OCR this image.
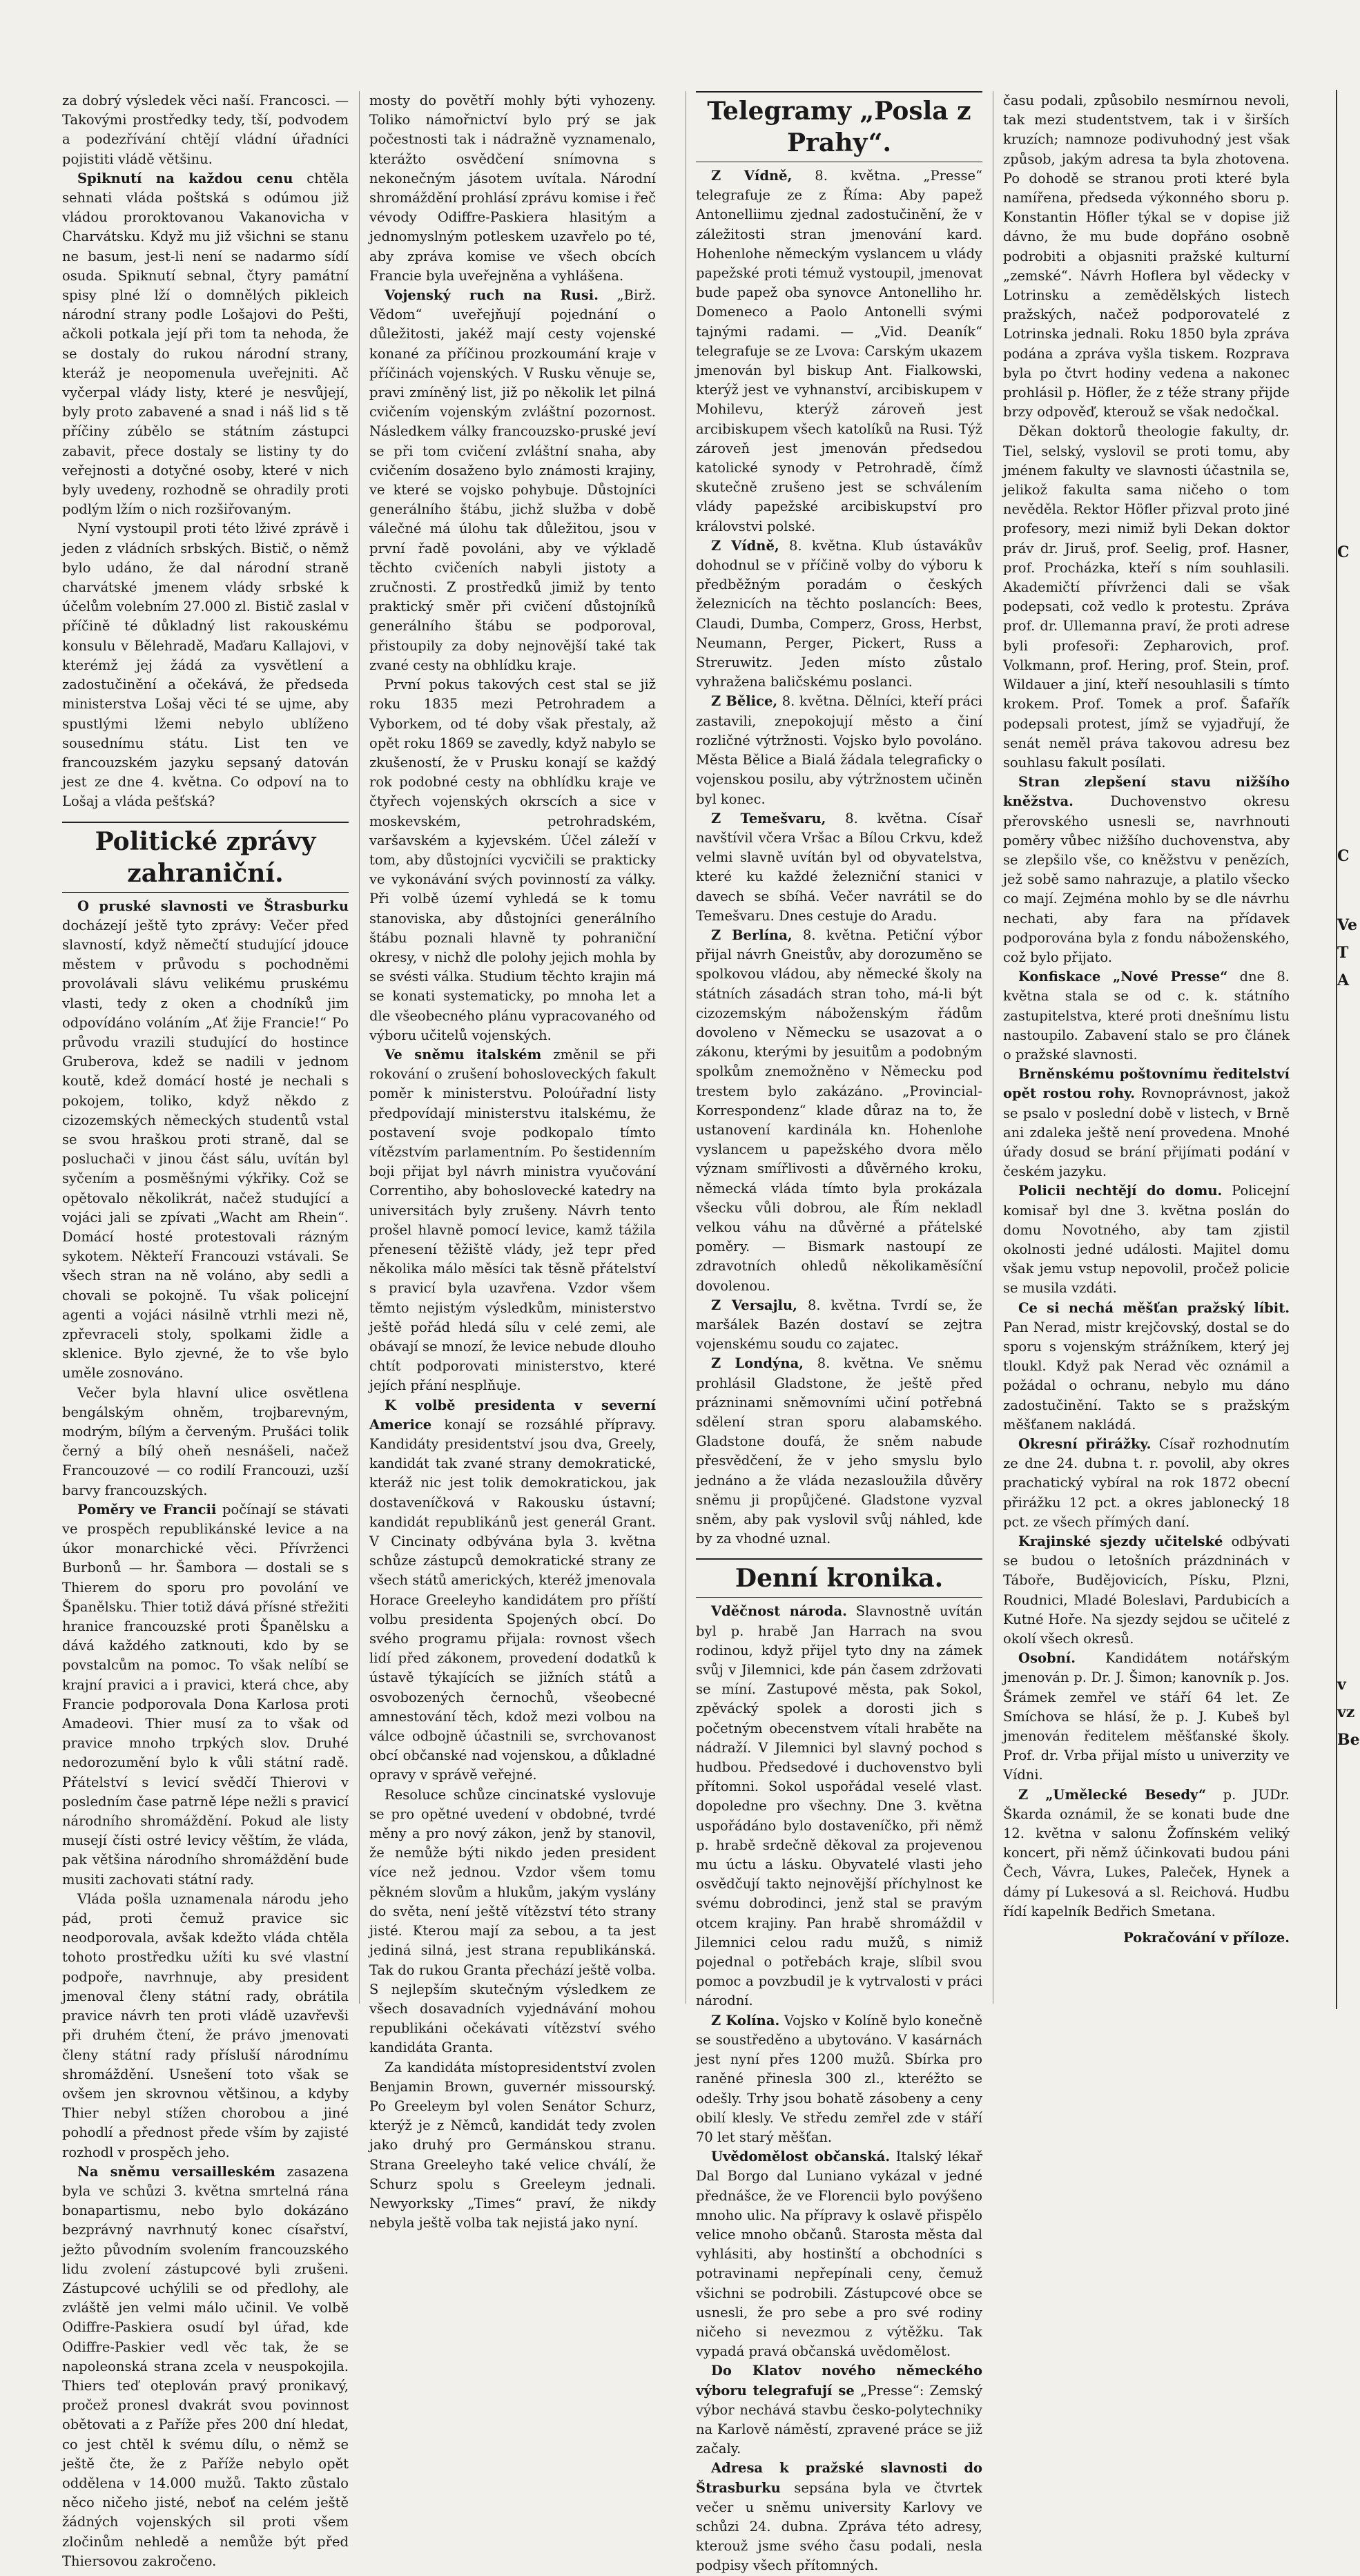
za dobrý výsledek věci naší. Francosci. — Takovými prostředky tedy, tší, podvodem a podezřívání chtějí vládní úřadníci pojistiti vládě většinu.

Spiknutí na každou cenu chtěla sehnati vláda poštská s odúmou již vládou proroktovanou Vakanovicha v Charvátsku. Když mu již všichni se stanu ne basum, jest-li není se nadarmo sídí osuda. Spiknutí sebnal, čtyry památní spisy plné lží o domnělých pikleich národní strany podle Lošajovi do Pešti, ačkoli potkala její při tom ta nehoda, že se dostaly do rukou národní strany, kteráž je neopomenula uveřejniti. Ač vyčerpal vlády listy, které je nesvůjejí, byly proto zabavené a snad i náš lid s tě příčiny zúbělo se státním zástupci zabavit, přece dostaly se listiny ty do veřejnosti a dotyčné osoby, které v nich byly uvedeny, rozhodně se ohradily proti podlým lžím o nich rozšiřovaným.

Nyní vystoupil proti této lživé zprávě i jeden z vládních srbských. Bistič, o němž bylo udáno, že dal národní straně charvátské jmenem vlády srbské k účelům volebním 27.000 zl. Bistič zaslal v příčině té důkladný list rakouskému konsulu v Bělehradě, Maďaru Kallajovi, v kterémž jej žádá za vysvětlení a zadostučinění a očekává, že předseda ministerstva Lošaj věci té se ujme, aby spustlými lžemi nebylo ublíženo sousednímu státu. List ten ve francouzském jazyku sepsaný datován jest ze dne 4. května. Co odpoví na to Lošaj a vláda pešťská?

Politické zprávy zahraniční.

O pruské slavnosti ve Štrasburku docházejí ještě tyto zprávy: Večer před slavností, když němečtí studující jdouce městem v průvodu s pochodněmi provolávali slávu velikému pruskému vlasti, tedy z oken a chodníků jim odpovídáno voláním „Ať žije Francie!“ Po průvodu vrazili studující do hostince Gruberova, kdež se nadili v jednom koutě, kdež domácí hosté je nechali s pokojem, toliko, když někdo z cizozemských německých studentů vstal se svou hraškou proti straně, dal se posluchači v jinou část sálu, uvítán byl syčením a posměšnými výkřiky. Což se opětovalo několikrát, načež studující a vojáci jali se zpívati „Wacht am Rhein“. Domácí hosté protestovali rázným sykotem. Někteří Francouzi vstávali. Se všech stran na ně voláno, aby sedli a chovali se pokojně. Tu však policejní agenti a vojáci násilně vtrhli mezi ně, zpřevraceli stoly, spolkami židle a sklenice. Bylo zjevné, že to vše bylo uměle zosnováno.

Večer byla hlavní ulice osvětlena bengálským ohněm, trojbarevným, modrým, bílým a červeným. Prušáci tolik černý a bílý oheň nesnášeli, načež Francouzové — co rodilí Francouzi, uzší barvy francouzských.

Poměry ve Francii počínají se stávati ve prospěch republikánské levice a na úkor monarchické věci. Přívrženci Burbonů — hr. Šambora — dostali se s Thierem do sporu pro povolání ve Španělsku. Thier totiž dává přísné střežiti hranice francouzské proti Španělsku a dává každého zatknouti, kdo by se povstalcům na pomoc. To však nelíbí se krajní pravici a i pravici, která chce, aby Francie podporovala Dona Karlosa proti Amadeovi. Thier musí za to však od pravice mnoho trpkých slov. Druhé nedorozumění bylo k vůli státní radě. Přátelství s levicí svědčí Thierovi v posledním čase patrně lépe nežli s pravicí národního shromáždění. Pokud ale listy musejí čísti ostré levicy věštím, že vláda, pak většina národního shromáždění bude musiti zachovati státní rady.

Vláda pošla uznamenala národu jeho pád, proti čemuž pravice sic neodporovala, avšak kdežto vláda chtěla tohoto prostředku užíti ku své vlastní podpoře, navrhnuje, aby president jmenoval členy státní rady, obrátila pravice návrh ten proti vládě uzavřevši při druhém čtení, že právo jmenovati členy státní rady přísluší národnímu shromáždění. Usnešení toto však se ovšem jen skrovnou většinou, a kdyby Thier nebyl stížen chorobou a jiné pohodlí a přednost přede vším by zajisté rozhodl v prospěch jeho.

Na sněmu versailleském zasazena byla ve schůzi 3. května smrtelná rána bonapartismu, nebo bylo dokázáno bezprávný navrhnutý konec císařství, ježto původním svolením francouzského lidu zvolení zástupcové byli zrušeni. Zástupcové uchýlili se od předlohy, ale zvláště jen velmi málo učinil. Ve volbě Odiffre-Paskiera osudí byl úřad, kde Odiffre-Paskier vedl věc tak, že se napoleonská strana zcela v neuspokojila. Thiers teď oteplován pravý pronikavý, pročež pronesl dvakrát svou povinnost obětovati a z Paříže přes 200 dní hledat, co jest chtěl k svému dílu, o němž se ještě čte, že z Paříže nebylo opět oddělena v 14.000 mužů. Takto zůstalo něco ničeho jisté, neboť na celém ještě žádných vojenských sil proti všem zločinům nehledě a nemůže být před Thiersovou zakročeno.

mosty do povětří mohly býti vyhozeny. Toliko námořnictví bylo prý se jak počestnosti tak i nádražně vyznamenalo, kterážto osvědčení snímovna s nekonečným jásotem uvítala. Národní shromáždění prohlásí zprávu komise i řeč vévody Odiffre-Paskiera hlasitým a jednomyslným potleskem uzavřelo po té, aby zpráva komise ve všech obcích Francie byla uveřejněna a vyhlášena.

Vojenský ruch na Rusi. „Birž. Vědom“ uveřejňují pojednání o důležitosti, jakéž mají cesty vojenské konané za příčinou prozkoumání kraje v příčinách vojenských. V Rusku věnuje se, pravi zmíněný list, již po několik let pilná cvičením vojenským zvláštní pozornost. Následkem války francouzsko-pruské jeví se při tom cvičení zvláštní snaha, aby cvičením dosaženo bylo známosti krajiny, ve které se vojsko pohybuje. Důstojníci generálního štábu, jichž služba v době válečné má úlohu tak důležitou, jsou v první řadě povoláni, aby ve výkladě těchto cvičeních nabyli jistoty a zručnosti. Z prostředků jimiž by tento praktický směr při cvičení důstojníků generálního štábu se podporoval, přistoupily za doby nejnovější také tak zvané cesty na obhlídku kraje.

První pokus takových cest stal se již roku 1835 mezi Petrohradem a Vyborkem, od té doby však přestaly, až opět roku 1869 se zavedly, když nabylo se zkušeností, že v Prusku konají se každý rok podobné cesty na obhlídku kraje ve čtyřech vojenských okrscích a sice v moskevském, petrohradském, varšavském a kyjevském. Účel záleží v tom, aby důstojníci vycvičili se prakticky ve vykonávání svých povinností za války. Při volbě území vyhledá se k tomu stanoviska, aby důstojníci generálního štábu poznali hlavně ty pohraniční okresy, v nichž dle polohy jejich mohla by se svésti válka. Studium těchto krajin má se konati systematicky, po mnoha let a dle všeobecného plánu vypracovaného od výboru učitelů vojenských.

Ve sněmu italském změnil se při rokování o zrušení bohosloveckých fakult poměr k ministerstvu. Poloúřadní listy předpovídají ministerstvu italskému, že postavení svoje podkopalo tímto vítězstvím parlamentním. Po šestidenním boji přijat byl návrh ministra vyučování Correntiho, aby bohoslovecké katedry na universitách byly zrušeny. Návrh tento prošel hlavně pomocí levice, kamž tážila přenesení těžiště vlády, jež tepr před několika málo měsíci tak těsně přátelství s pravicí byla uzavřena. Vzdor všem těmto nejistým výsledkům, ministerstvo ještě pořád hledá sílu v celé zemi, ale obávají se mnozí, že levice nebude dlouho chtít podporovati ministerstvo, které jejích přání nesplňuje.

K volbě presidenta v severní Americe konají se rozsáhlé přípravy. Kandidáty presidentství jsou dva, Greely, kandidát tak zvané strany demokratické, kteráž nic jest tolik demokratickou, jak dostaveníčková v Rakousku ústavní; kandidát republikánů jest generál Grant. V Cincinaty odbývána byla 3. května schůze zástupců demokratické strany ze všech států amerických, kteréž jmenovala Horace Greeleyho kandidátem pro příští volbu presidenta Spojených obcí. Do svého programu přijala: rovnost všech lidí před zákonem, provedení dodatků k ústavě týkajících se jižních států a osvobozených černochů, všeobecné amnestování těch, kdož mezi volbou na válce odbojně účastnili se, svrchovanost obcí občanské nad vojenskou, a důkladné opravy v správě veřejné.

Resoluce schůze cincinatské vyslovuje se pro opětné uvedení v obdobné, tvrdé měny a pro nový zákon, jenž by stanovil, že nemůže býti nikdo jeden president více než jednou. Vzdor všem tomu pěkném slovům a hlukům, jakým vyslány do světa, není ještě vítězství této strany jisté. Kterou mají za sebou, a ta jest jediná silná, jest strana republikánská. Tak do rukou Granta přechází ještě volba. S nejlepším skutečným výsledkem ze všech dosavadních vyjednávání mohou republikáni očekávati vítězství svého kandidáta Granta.

Za kandidáta místopresidentství zvolen Benjamin Brown, guvernér missourský. Po Greeleym byl volen Senátor Schurz, kterýž je z Němců, kandidát tedy zvolen jako druhý pro Germánskou stranu. Strana Greeleyho také velice chválí, že Schurz spolu s Greeleym jednali. Newyorksky „Times“ praví, že nikdy nebyla ještě volba tak nejistá jako nyní.

Telegramy „Posla z Prahy“.

Z Vídně, 8. května. „Presse“ telegrafuje ze z Říma: Aby papež Antonelliimu zjednal zadostučinění, že v záležitosti stran jmenování kard. Hohenlohe německým vyslancem u vlády papežské proti témuž vystoupil, jmenovat bude papež oba synovce Antonelliho hr. Domeneco a Paolo Antonelli svými tajnými radami. — „Vid. Deaník“ telegrafuje se ze Lvova: Carským ukazem jmenován byl biskup Ant. Fialkowski, kterýž jest ve vyhnanství, arcibiskupem v Mohilevu, kterýž zároveň jest arcibiskupem všech katolíků na Rusi. Týž zároveň jest jmenován předsedou katolické synody v Petrohradě, čímž skutečně zrušeno jest se schválením vlády papežské arcibiskupství pro královstvi polské.

Z Vídně, 8. května. Klub ústavákův dohodnul se v příčině volby do výboru k předběžným poradám o českých železnicích na těchto poslancích: Bees, Claudi, Dumba, Comperz, Gross, Herbst, Neumann, Perger, Pickert, Russ a Streruwitz. Jeden místo zůstalo vyhražena baličskému poslanci.

Z Bělice, 8. května. Dělníci, kteří práci zastavili, znepokojují město a činí rozličné výtržnosti. Vojsko bylo povoláno. Města Bělice a Bialá žádala telegraficky o vojenskou posilu, aby výtržnostem učiněn byl konec.

Z Temešvaru, 8. května. Císař navštívil včera Vršac a Bílou Crkvu, kdež velmi slavně uvítán byl od obyvatelstva, které ku každé železniční stanici v davech se sbíhá. Večer navrátil se do Temešvaru. Dnes cestuje do Aradu.

Z Berlína, 8. května. Petiční výbor přijal návrh Gneistův, aby dorozuměno se spolkovou vládou, aby německé školy na státních zásadách stran toho, má-li být cizozemským náboženským řádům dovoleno v Německu se usazovat a o zákonu, kterými by jesuitům a podobným spolkům znemožněno v Německu pod trestem bylo zakázáno. „Provincial-Korrespondenz“ klade důraz na to, že ustanovení kardinála kn. Hohenlohe vyslancem u papežského dvora mělo význam smířlivosti a důvěrného kroku, německá vláda tímto byla prokázala všecku vůli dobrou, ale Řím nekladl velkou váhu na důvěrné a přátelské poměry. — Bismark nastoupí ze zdravotních ohledů několikaměsíční dovolenou.

Z Versajlu, 8. května. Tvrdí se, že maršálek Bazén dostaví se zejtra vojenskému soudu co zajatec.

Z Londýna, 8. května. Ve sněmu prohlásil Gladstone, že ještě před prázninami sněmovními učiní potřebná sdělení stran sporu alabamského. Gladstone doufá, že sněm nabude přesvědčení, že v jeho smyslu bylo jednáno a že vláda nezasloužila důvěry sněmu ji propůjčené. Gladstone vyzval sněm, aby pak vyslovil svůj náhled, kde by za vhodné uznal.

Denní kronika.

Vděčnost národa. Slavnostně uvítán byl p. hrabě Jan Harrach na svou rodinou, když přijel tyto dny na zámek svůj v Jilemnici, kde pán časem zdržovati se míní. Zastupové města, pak Sokol, zpěvácký spolek a dorosti jich s početným obecenstvem vítali hraběte na nádraží. V Jilemnici byl slavný pochod s hudbou. Předsedové i duchovenstvo byli přítomni. Sokol uspořádal veselé vlast. dopoledne pro všechny. Dne 3. května uspořádáno bylo dostaveníčko, při němž p. hrabě srdečně děkoval za projevenou mu úctu a lásku. Obyvatelé vlasti jeho osvědčují takto nejnovější příchylnost ke svému dobrodinci, jenž stal se pravým otcem krajiny. Pan hrabě shromáždil v Jilemnici celou radu mužů, s nimiž pojednal o potřebách kraje, slíbil svou pomoc a povzbudil je k vytrvalosti v práci národní.

Z Kolína. Vojsko v Kolíně bylo konečně se soustředěno a ubytováno. V kasárnách jest nyní přes 1200 mužů. Sbírka pro raněné přinesla 300 zl., kteréžto se odešly. Trhy jsou bohatě zásobeny a ceny obilí klesly. Ve středu zemřel zde v stáří 70 let starý měšťan.

Uvědomělost občanská. Italský lékař Dal Borgo dal Luniano vykázal v jedné přednášce, že ve Florencii bylo povýšeno mnoho ulic. Na přípravy k oslavě přispělo velice mnoho občanů. Starosta města dal vyhlásiti, aby hostinští a obchodníci s potravinami nepřepínali ceny, čemuž všichni se podrobili. Zástupcové obce se usnesli, že pro sebe a pro své rodiny ničeho si nevezmou z výtěžku. Tak vypadá pravá občanská uvědomělost.

Do Klatov nového německého výboru telegrafují se „Presse“: Zemský výbor nechává stavbu česko-polytechniky na Karlově náměstí, zpravené práce se již začaly.

Adresa k pražské slavnosti do Štrasburku sepsána byla ve čtvrtek večer u sněmu university Karlovy ve schůzi 24. dubna. Zpráva této adresy, kterouž jsme svého času podali, nesla podpisy všech přítomných.

času podali, způsobilo nesmírnou nevoli, tak mezi studentstvem, tak i v širších kruzích; namnoze podivuhodný jest však způsob, jakým adresa ta byla zhotovena. Po dohodě se stranou proti které byla namířena, předseda výkonného sboru p. Konstantin Höfler týkal se v dopise již dávno, že mu bude dopřáno osobně podrobiti a objasniti pražské kulturní „zemské“. Návrh Hoflera byl vědecky v Lotrinsku a zemědělských listech pražských, načež podporovatelé z Lotrinska jednali. Roku 1850 byla zpráva podána a zpráva vyšla tiskem. Rozprava byla po čtvrt hodiny vedena a nakonec prohlásil p. Höfler, že z téže strany přijde brzy odpověď, kterouž se však nedočkal.

Děkan doktorů theologie fakulty, dr. Tiel, selský, vyslovil se proti tomu, aby jménem fakulty ve slavnosti účastnila se, jelikož fakulta sama ničeho o tom nevěděla. Rektor Höfler přizval proto jiné profesory, mezi nimiž byli Dekan doktor práv dr. Jiruš, prof. Seelig, prof. Hasner, prof. Procházka, kteří s ním souhlasili. Akademičtí přívrženci dali se však podepsati, což vedlo k protestu. Zpráva prof. dr. Ullemanna praví, že proti adrese byli profesoři: Zepharovich, prof. Volkmann, prof. Hering, prof. Stein, prof. Wildauer a jiní, kteří nesouhlasili s tímto krokem. Prof. Tomek a prof. Šafařík podepsali protest, jímž se vyjadřují, že senát neměl práva takovou adresu bez souhlasu fakult posílati.

Stran zlepšení stavu nižšího kněžstva.	Duchovenstvo okresu přerovského usnesli se, navrhnouti poměry vůbec nižšího duchovenstva, aby se zlepšilo vše, co kněžstvu v penězích, jež sobě samo nahrazuje, a platilo všecko co mají. Zejména mohlo by se dle návrhu nechati, aby fara na přídavek podporována byla z fondu náboženského, což bylo přijato.

Konfiskace „Nové Presse“ dne 8. května stala se od c. k. státního zastupitelstva, které proti dnešnímu listu nastoupilo. Zabavení stalo se pro článek o pražské slavnosti.

Brněnskému poštovnímu ředitelství opět rostou rohy. Rovnoprávnost, jakož se psalo v poslední době v listech, v Brně ani zdaleka ještě není provedena. Mnohé úřady dosud se brání přijímati podání v českém jazyku.

Policii nechtějí do domu. Policejní komisař byl dne 3. května poslán do domu Novotného, aby tam zjistil okolnosti jedné události. Majitel domu však jemu vstup nepovolil, pročež policie se musila vzdáti.

Ce si nechá měšťan pražský líbit. Pan Nerad, mistr krejčovský, dostal se do sporu s vojenským strážníkem, který jej tloukl. Když pak Nerad věc oznámil a požádal o ochranu, nebylo mu dáno zadostučinění. Takto se s pražským měšťanem nakládá.

Okresní přirážky. Císař rozhodnutím ze dne 24. dubna t. r. povolil, aby okres prachatický vybíral na rok 1872 obecní přirážku 12 pct. a okres jablonecký 18 pct. ze všech přímých daní.

Krajinské sjezdy učitelské odbývati se budou o letošních prázdninách v Táboře, Budějovicích, Písku, Plzni, Roudnici, Mladé Boleslavi, Pardubicích a Kutné Hoře. Na sjezdy sejdou se učitelé z okolí všech okresů.

Osobní. Kandidátem notářským jmenován p. Dr. J. Šimon; kanovník p. Jos. Šrámek zemřel ve stáří 64 let. Ze Smíchova se hlásí, že p. J. Kubeš byl jmenován ředitelem měšťanské školy. Prof. dr. Vrba přijal místo u univerzity ve Vídni.

Z „Umělecké Besedy“ p. JUDr. Škarda oznámil, že se konati bude dne 12. května v salonu Žofínském veliký koncert, při němž účinkovati budou páni Čech, Vávra, Lukes, Paleček, Hynek a dámy pí Lukesová a sl. Reichová. Hudbu řídí kapelník Bedřich Smetana.

Pokračování v příloze.
C
C
Ve
T
A
v
vz
Be
